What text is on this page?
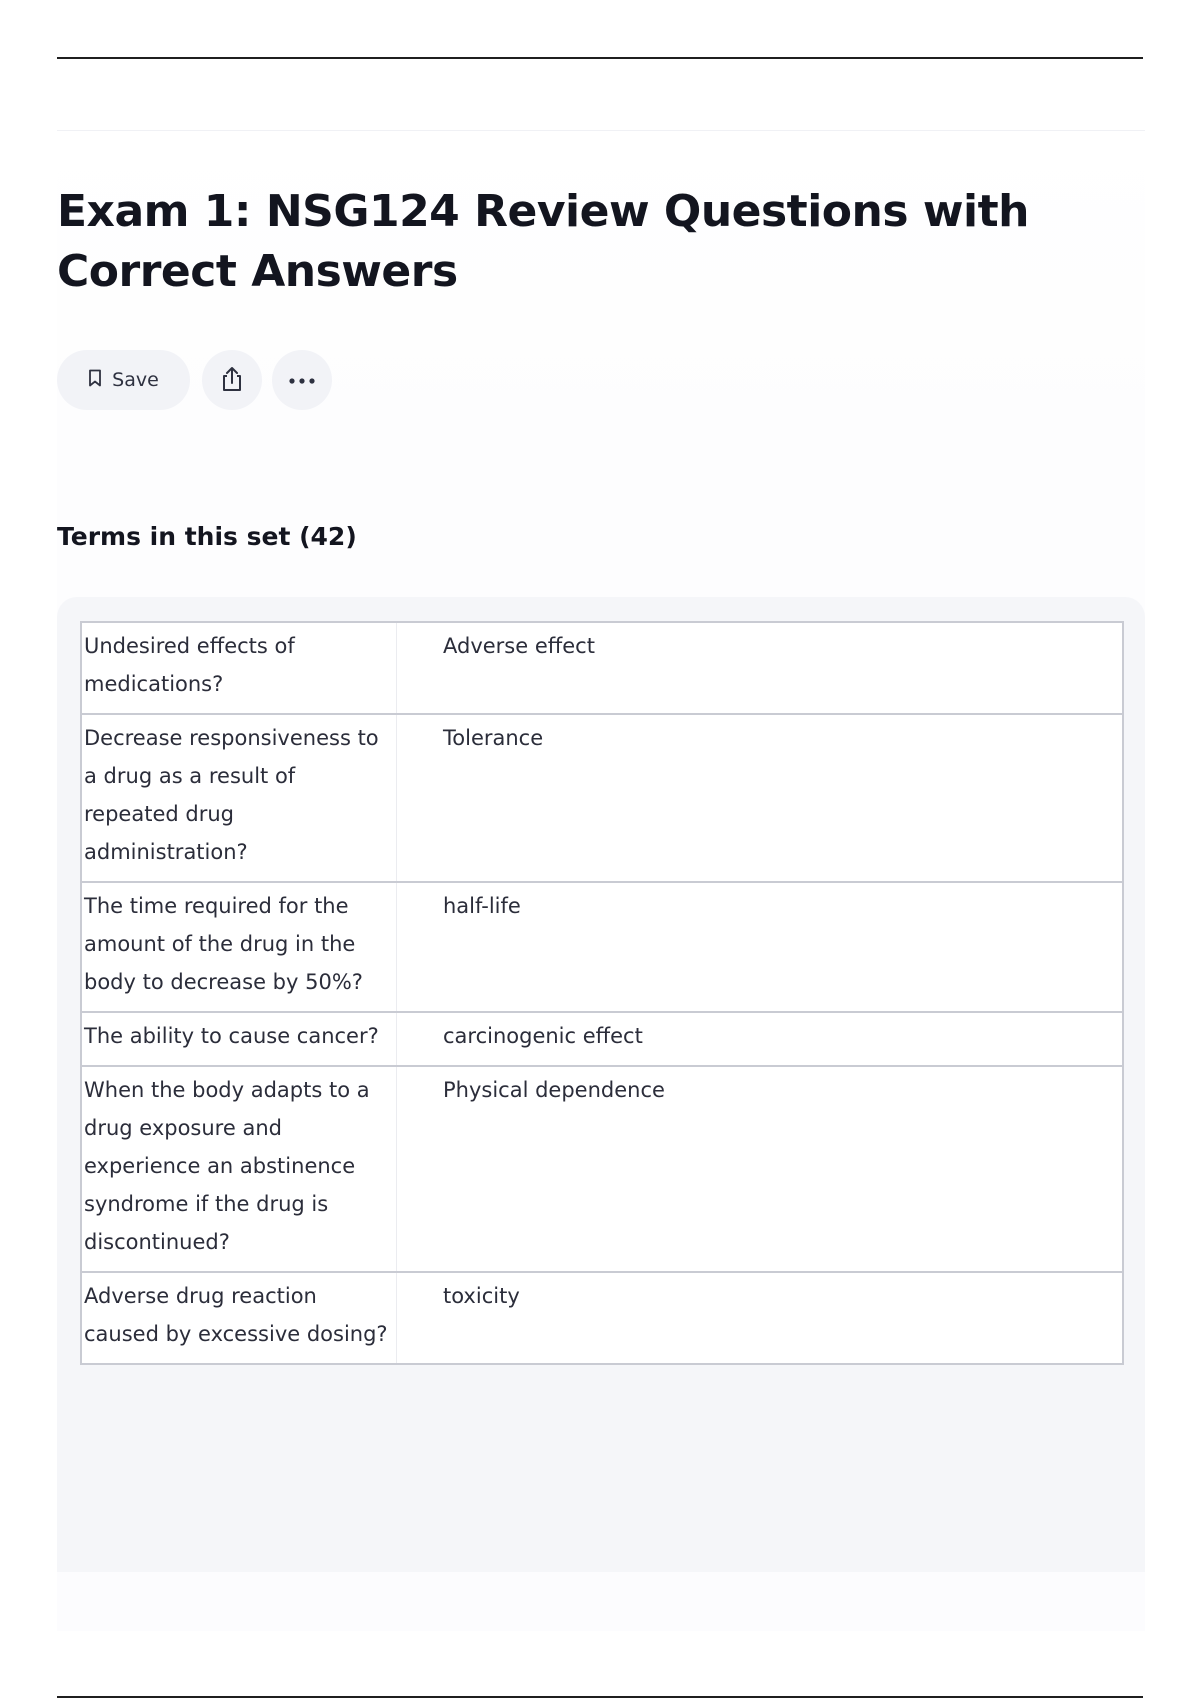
Exam 1: NSG124 Review Questions with Correct Answers
Save
Terms in this set (42)
Undesired effects of medications?	Adverse effect
Decrease responsiveness to a drug as a result of repeated drug administration?	Tolerance
The time required for the amount of the drug in the body to decrease by 50%?	half-life
The ability to cause cancer?	carcinogenic effect
When the body adapts to a drug exposure and experience an abstinence syndrome if the drug is discontinued?	Physical dependence
Adverse drug reaction caused by excessive dosing?	toxicity
